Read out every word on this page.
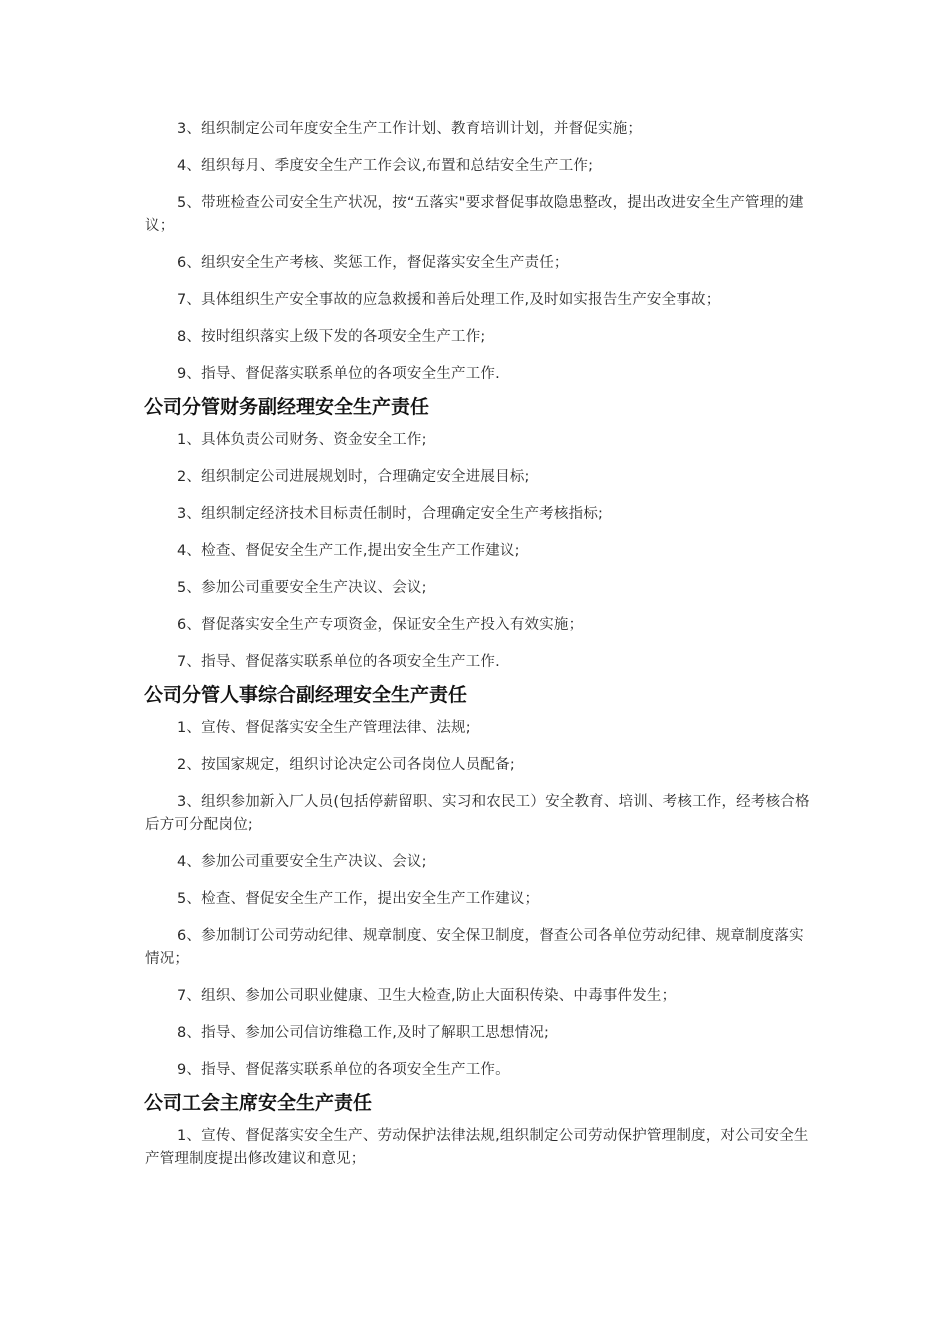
3、组织制定公司年度安全生产工作计划、教育培训计划，并督促实施；

4、组织每月、季度安全生产工作会议,布置和总结安全生产工作;

5、带班检查公司安全生产状况，按“五落实"要求督促事故隐患整改，提出改进安全生产管理的建议；

6、组织安全生产考核、奖惩工作，督促落实安全生产责任；

7、具体组织生产安全事故的应急救援和善后处理工作,及时如实报告生产安全事故；

8、按时组织落实上级下发的各项安全生产工作;

9、指导、督促落实联系单位的各项安全生产工作.

公司分管财务副经理安全生产责任

1、具体负责公司财务、资金安全工作;

2、组织制定公司进展规划时，合理确定安全进展目标;

3、组织制定经济技术目标责任制时，合理确定安全生产考核指标;

4、检查、督促安全生产工作,提出安全生产工作建议;

5、参加公司重要安全生产决议、会议;

6、督促落实安全生产专项资金，保证安全生产投入有效实施；

7、指导、督促落实联系单位的各项安全生产工作.

公司分管人事综合副经理安全生产责任

1、宣传、督促落实安全生产管理法律、法规;

2、按国家规定，组织讨论决定公司各岗位人员配备;

3、组织参加新入厂人员(包括停薪留职、实习和农民工）安全教育、培训、考核工作，经考核合格后方可分配岗位;

4、参加公司重要安全生产决议、会议;

5、检查、督促安全生产工作，提出安全生产工作建议；

6、参加制订公司劳动纪律、规章制度、安全保卫制度，督查公司各单位劳动纪律、规章制度落实情况；

7、组织、参加公司职业健康、卫生大检查,防止大面积传染、中毒事件发生；

8、指导、参加公司信访维稳工作,及时了解职工思想情况;

9、指导、督促落实联系单位的各项安全生产工作。

公司工会主席安全生产责任

1、宣传、督促落实安全生产、劳动保护法律法规,组织制定公司劳动保护管理制度，对公司安全生产管理制度提出修改建议和意见；
